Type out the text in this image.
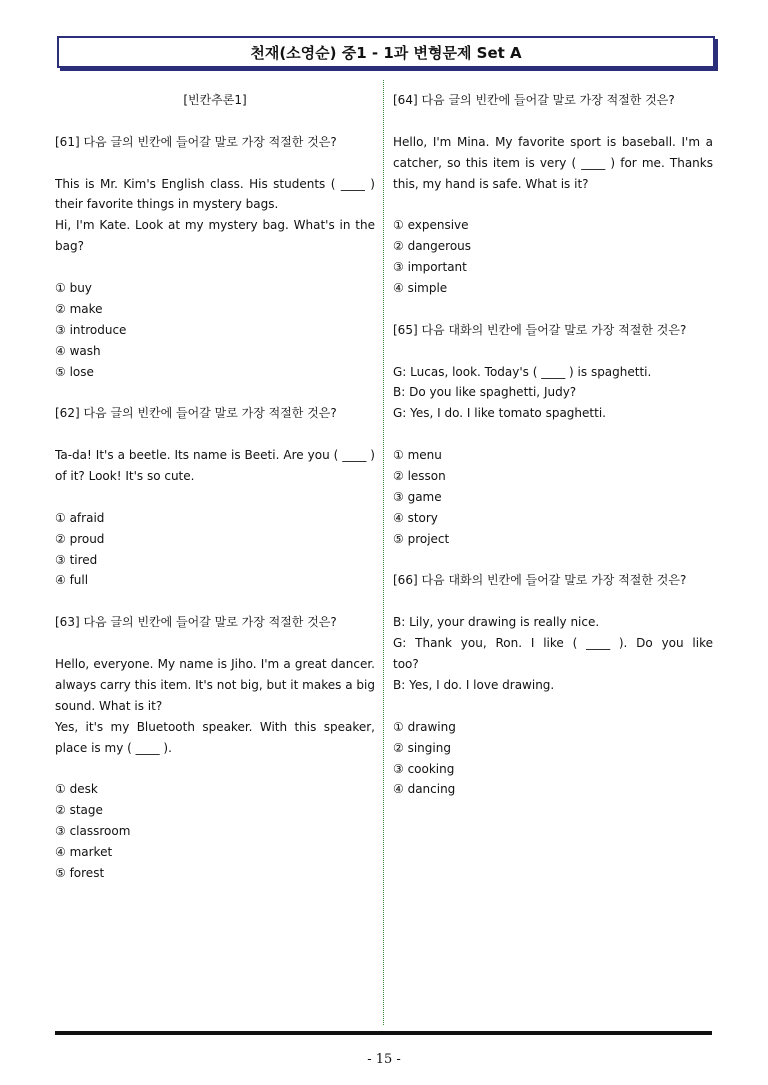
천재(소영순) 중1 - 1과 변형문제 Set A
[빈칸추론1]
[61] 다음 글의 빈칸에 들어갈 말로 가장 적절한 것은?
This is Mr. Kim's English class. His students ( ____ )
their favorite things in mystery bags.
Hi, I'm Kate. Look at my mystery bag. What's in the
bag?
① buy
② make
③ introduce
④ wash
⑤ lose
[62] 다음 글의 빈칸에 들어갈 말로 가장 적절한 것은?
Ta-da! It's a beetle. Its name is Beeti. Are you ( ____ )
of it? Look! It's so cute.
① afraid
② proud
③ tired
④ full
[63] 다음 글의 빈칸에 들어갈 말로 가장 적절한 것은?
Hello, everyone. My name is Jiho. I'm a great dancer.
always carry this item. It's not big, but it makes a big
sound. What is it?
Yes, it's my Bluetooth speaker. With this speaker,
place is my ( ____ ).
① desk
② stage
③ classroom
④ market
⑤ forest
[64] 다음 글의 빈칸에 들어갈 말로 가장 적절한 것은?
Hello, I'm Mina. My favorite sport is baseball. I'm a
catcher, so this item is very ( ____ ) for me. Thanks
this, my hand is safe. What is it?
① expensive
② dangerous
③ important
④ simple
[65] 다음 대화의 빈칸에 들어갈 말로 가장 적절한 것은?
G: Lucas, look. Today's ( ____ ) is spaghetti.
B: Do you like spaghetti, Judy?
G: Yes, I do. I like tomato spaghetti.
① menu
② lesson
③ game
④ story
⑤ project
[66] 다음 대화의 빈칸에 들어갈 말로 가장 적절한 것은?
B: Lily, your drawing is really nice.
G: Thank you, Ron. I like ( ____ ). Do you like
too?
B: Yes, I do. I love drawing.
① drawing
② singing
③ cooking
④ dancing
- 15 -
